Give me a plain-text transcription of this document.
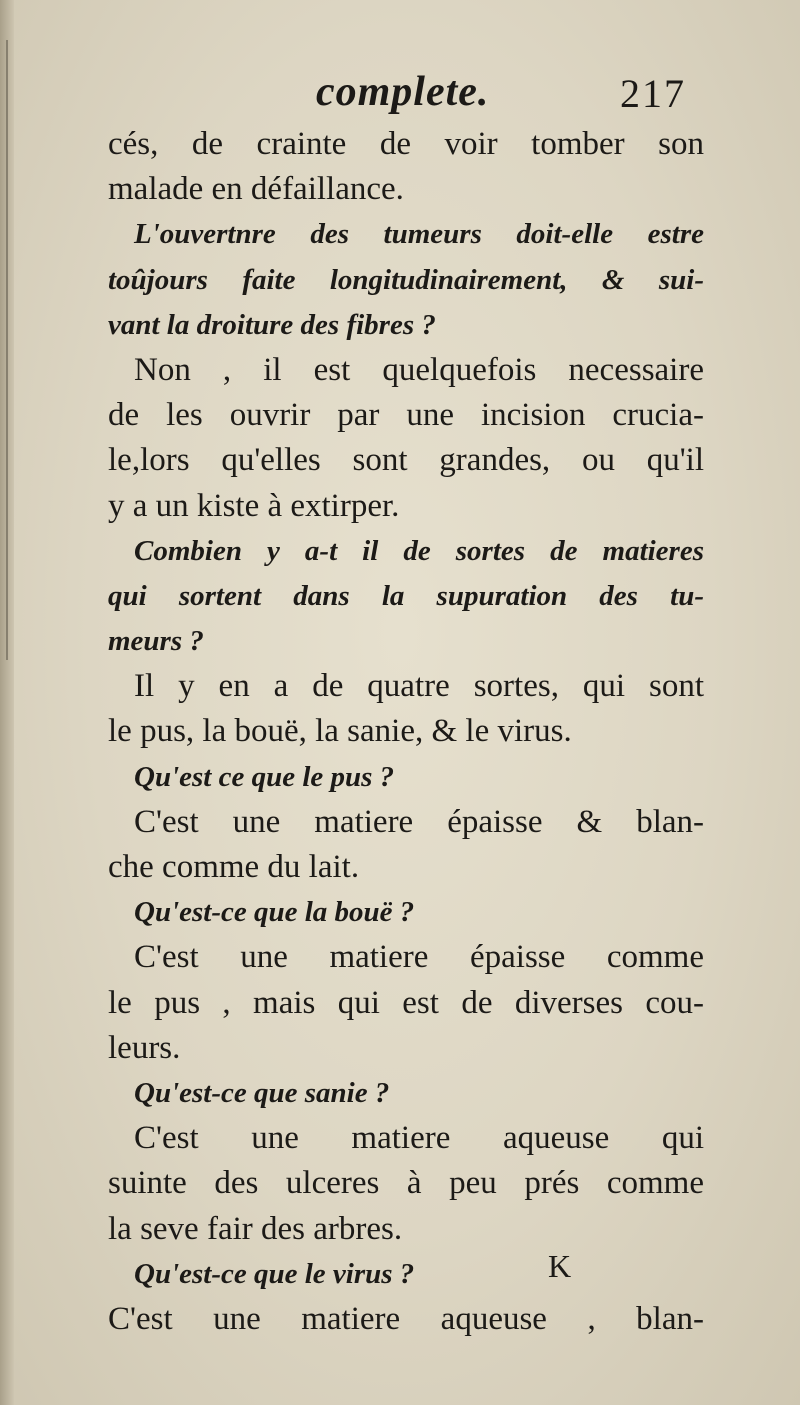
complete.	217
cés, de crainte de voir tomber son
malade en défaillance.
L'ouvertnre des tumeurs doit-elle estre
toûjours faite longitudinairement, & sui-
vant la droiture des fibres ?
Non , il est quelquefois necessaire
de les ouvrir par une incision crucia-
le,lors qu'elles sont grandes, ou qu'il
y a un kiste à extirper.
Combien y a-t il de sortes de matieres
qui sortent dans la supuration des tu-
meurs ?
Il y en a de quatre sortes, qui sont
le pus, la bouë, la sanie, & le virus.
Qu'est ce que le pus ?
C'est une matiere épaisse & blan-
che comme du lait.
Qu'est-ce que la bouë ?
C'est une matiere épaisse comme
le pus , mais qui est de diverses cou-
leurs.
Qu'est-ce que sanie ?
C'est une matiere aqueuse qui
suinte des ulceres à peu prés comme
la seve fair des arbres.
Qu'est-ce que le virus ?
C'est une matiere aqueuse , blan-
K
